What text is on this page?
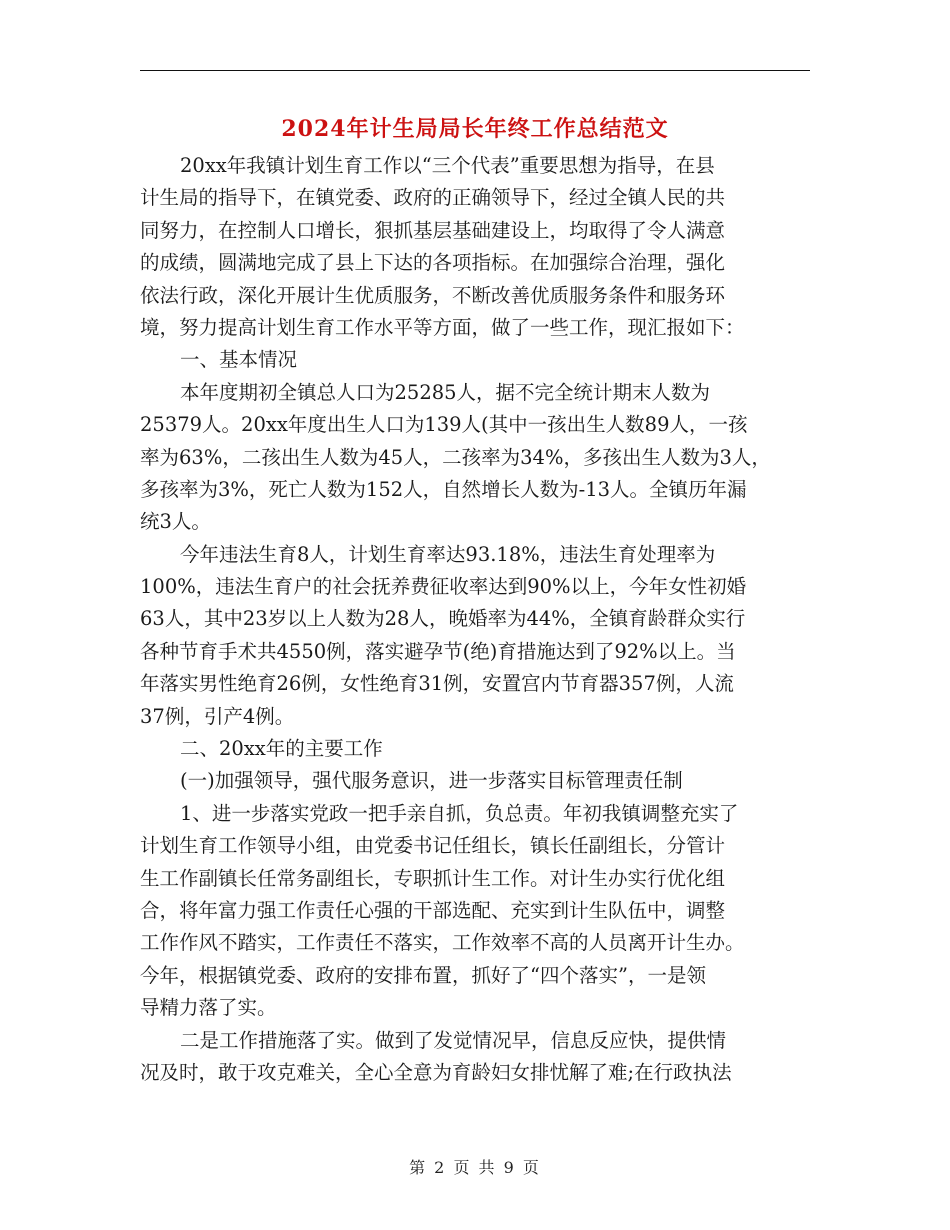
2024年计生局局长年终工作总结范文
20xx年我镇计划生育工作以“三个代表”重要思想为指导，在县
计生局的指导下，在镇党委、政府的正确领导下，经过全镇人民的共
同努力，在控制人口增长，狠抓基层基础建设上，均取得了令人满意
的成绩，圆满地完成了县上下达的各项指标。在加强综合治理，强化
依法行政，深化开展计生优质服务，不断改善优质服务条件和服务环
境，努力提高计划生育工作水平等方面，做了一些工作，现汇报如下：
一、基本情况
本年度期初全镇总人口为25285人，据不完全统计期末人数为
25379人。20xx年度出生人口为139人(其中一孩出生人数89人，一孩
率为63%，二孩出生人数为45人，二孩率为34%，多孩出生人数为3人，
多孩率为3%，死亡人数为152人，自然增长人数为-13人。全镇历年漏
统3人。
今年违法生育8人，计划生育率达93.18%，违法生育处理率为
100%，违法生育户的社会抚养费征收率达到90%以上，今年女性初婚
63人，其中23岁以上人数为28人，晚婚率为44%，全镇育龄群众实行
各种节育手术共4550例，落实避孕节(绝)育措施达到了92%以上。当
年落实男性绝育26例，女性绝育31例，安置宫内节育器357例，人流
37例，引产4例。
二、20xx年的主要工作
(一)加强领导，强代服务意识，进一步落实目标管理责任制
1、进一步落实党政一把手亲自抓，负总责。年初我镇调整充实了
计划生育工作领导小组，由党委书记任组长，镇长任副组长，分管计
生工作副镇长任常务副组长，专职抓计生工作。对计生办实行优化组
合，将年富力强工作责任心强的干部选配、充实到计生队伍中，调整
工作作风不踏实，工作责任不落实，工作效率不高的人员离开计生办。
今年，根据镇党委、政府的安排布置，抓好了“四个落实”，一是领
导精力落了实。
二是工作措施落了实。做到了发觉情况早，信息反应快，提供情
况及时，敢于攻克难关，全心全意为育龄妇女排忧解了难;在行政执法
第 2 页 共 9 页
